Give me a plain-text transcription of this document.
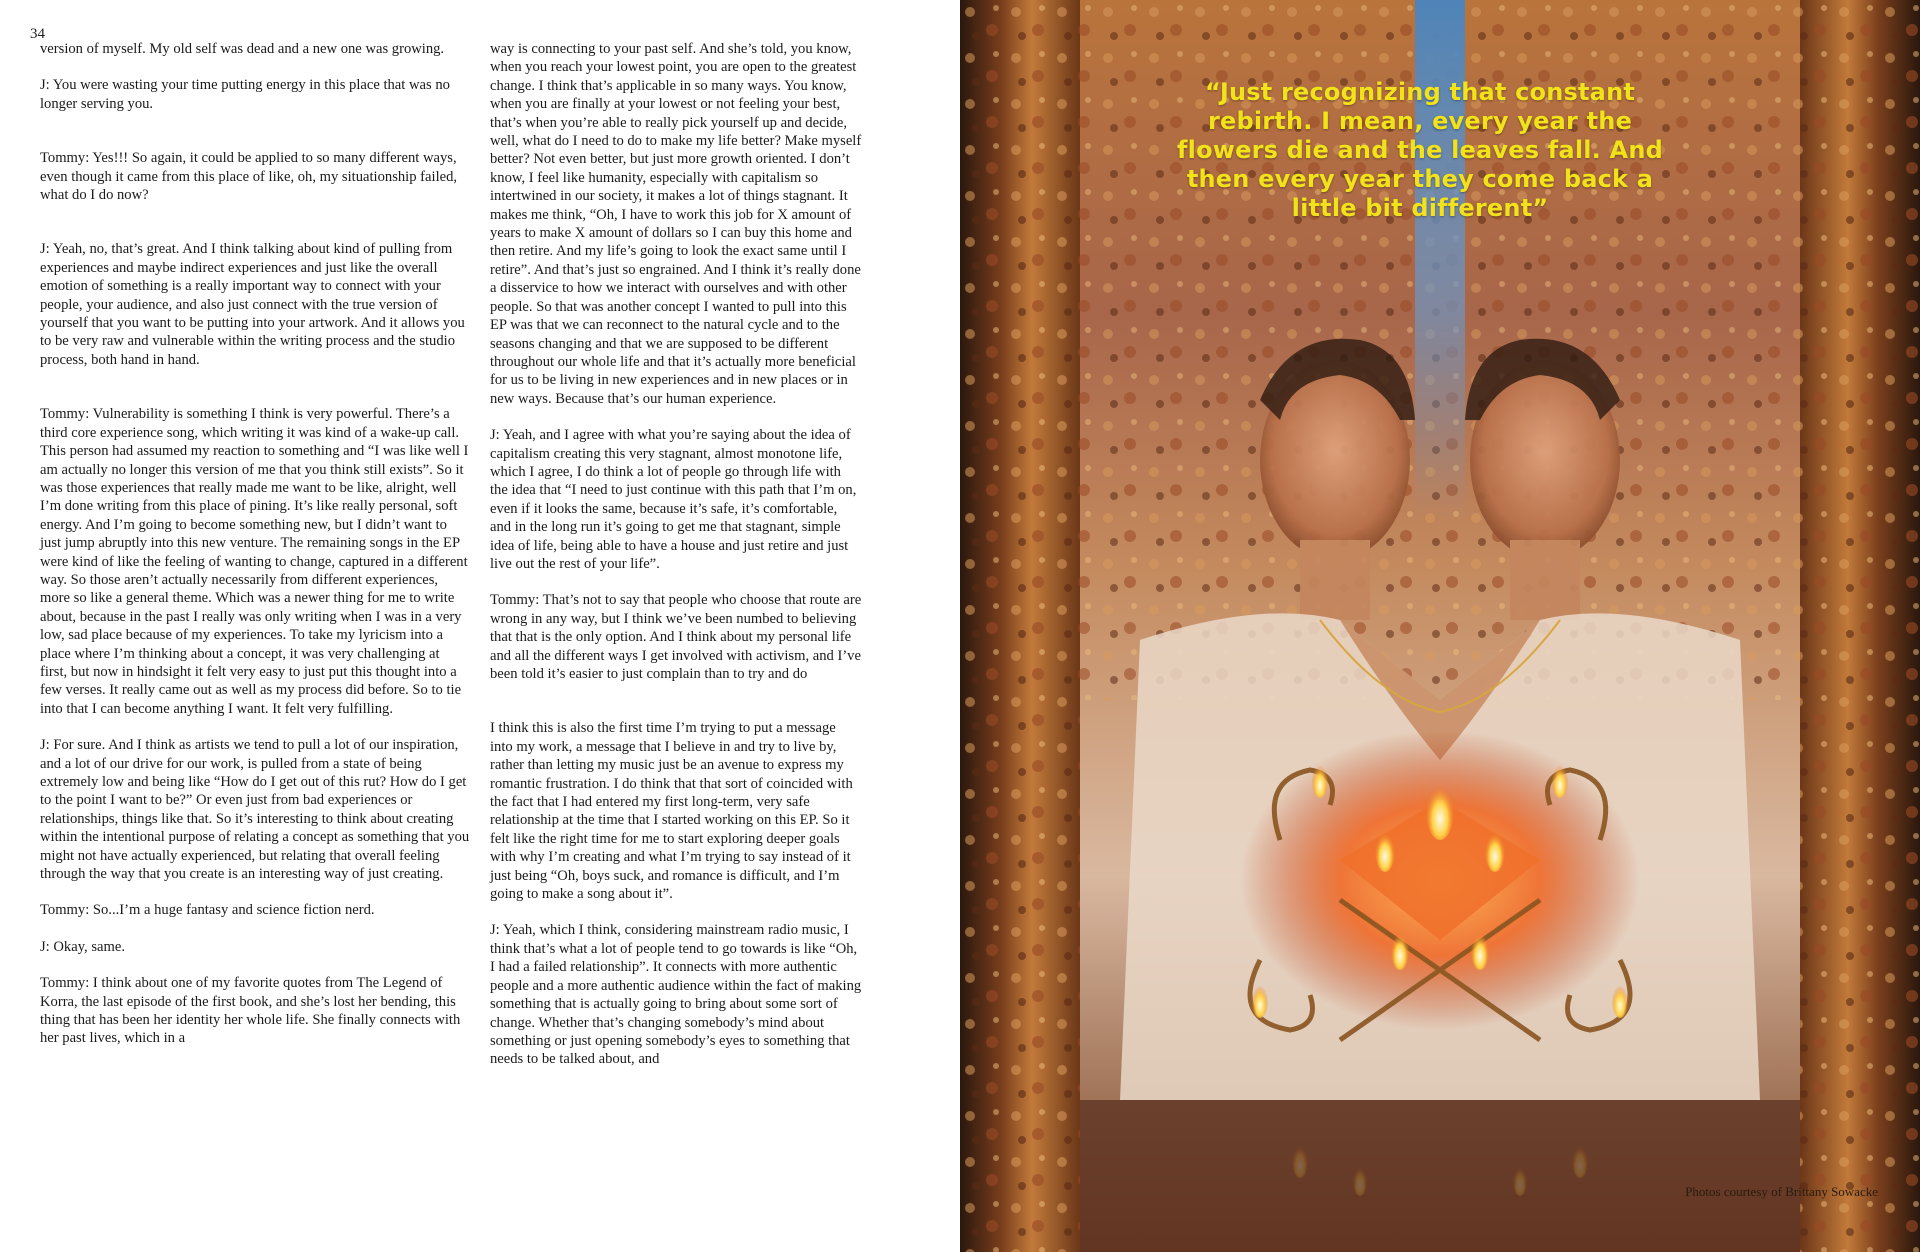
34

version of myself. My old self was dead and a new one was growing.

J: You were wasting your time putting energy in this place that was no longer serving you.

Tommy: Yes!!! So again, it could be applied to so many different ways, even though it came from this place of like, oh, my situationship failed, what do I do now?

J: Yeah, no, that’s great. And I think talking about kind of pulling from experiences and maybe indirect experiences and just like the overall emotion of something is a really important way to connect with your people, your audience, and also just connect with the true version of yourself that you want to be putting into your artwork. And it allows you to be very raw and vulnerable within the writing process and the studio process, both hand in hand.

Tommy: Vulnerability is something I think is very powerful. There’s a third core experience song, which writing it was kind of a wake-up call. This person had assumed my reaction to something and “I was like well I am actually no longer this version of me that you think still exists”. So it was those experiences that really made me want to be like, alright, well I’m done writing from this place of pining. It’s like really personal, soft energy. And I’m going to become something new, but I didn’t want to just jump abruptly into this new venture. The remaining songs in the EP were kind of like the feeling of wanting to change, captured in a different way. So those aren’t actually necessarily from different experiences, more so like a general theme. Which was a newer thing for me to write about, because in the past I really was only writing when I was in a very low, sad place because of my experiences. To take my lyricism into a place where I’m thinking about a concept, it was very challenging at first, but now in hindsight it felt very easy to just put this thought into a few verses. It really came out as well as my process did before. So to tie into that I can become anything I want. It felt very fulfilling.

J: For sure. And I think as artists we tend to pull a lot of our inspiration, and a lot of our drive for our work, is pulled from a state of being extremely low and being like “How do I get out of this rut? How do I get to the point I want to be?” Or even just from bad experiences or relationships, things like that. So it’s interesting to think about creating within the intentional purpose of relating a concept as something that you might not have actually experienced, but relating that overall feeling through the way that you create is an interesting way of just creating.

Tommy: So...I’m a huge fantasy and science fiction nerd.

J: Okay, same.

Tommy: I think about one of my favorite quotes from The Legend of Korra, the last episode of the first book, and she’s lost her bending, this thing that has been her identity her whole life. She finally connects with her past lives, which in a

way is connecting to your past self. And she’s told, you know, when you reach your lowest point, you are open to the greatest change. I think that’s applicable in so many ways. You know, when you are finally at your lowest or not feeling your best, that’s when you’re able to really pick yourself up and decide, well, what do I need to do to make my life better? Make myself better? Not even better, but just more growth oriented. I don’t know, I feel like humanity, especially with capitalism so intertwined in our society, it makes a lot of things stagnant. It makes me think, “Oh, I have to work this job for X amount of years to make X amount of dollars so I can buy this home and then retire. And my life’s going to look the exact same until I retire”. And that’s just so engrained. And I think it’s really done a disservice to how we interact with ourselves and with other people. So that was another concept I wanted to pull into this EP was that we can reconnect to the natural cycle and to the seasons changing and that we are supposed to be different throughout our whole life and that it’s actually more beneficial for us to be living in new experiences and in new places or in new ways. Because that’s our human experience.

J: Yeah, and I agree with what you’re saying about the idea of capitalism creating this very stagnant, almost monotone life, which I agree, I do think a lot of people go through life with the idea that “I need to just continue with this path that I’m on, even if it looks the same, because it’s safe, it’s comfortable, and in the long run it’s going to get me that stagnant, simple idea of life, being able to have a house and just retire and just live out the rest of your life”.

Tommy: That’s not to say that people who choose that route are wrong in any way, but I think we’ve been numbed to believing that that is the only option. And I think about my personal life and all the different ways I get involved with activism, and I’ve been told it’s easier to just complain than to try and do

I think this is also the first time I’m trying to put a message into my work, a message that I believe in and try to live by, rather than letting my music just be an avenue to express my romantic frustration. I do think that that sort of coincided with the fact that I had entered my first long-term, very safe relationship at the time that I started working on this EP. So it felt like the right time for me to start exploring deeper goals with why I’m creating and what I’m trying to say instead of it just being “Oh, boys suck, and romance is difficult, and I’m going to make a song about it”.

J: Yeah, which I think, considering mainstream radio music, I think that’s what a lot of people tend to go towards is like “Oh, I had a failed relationship”. It connects with more authentic people and a more authentic audience within the fact of making something that is actually going to bring about some sort of change. Whether that’s changing somebody’s mind about something or just opening somebody’s eyes to something that needs to be talked about, and

“Just recognizing that constant rebirth. I mean, every year the flowers die and the leaves fall. And then every year they come back a little bit different”
Photos courtesy of Brittany Sowacke
